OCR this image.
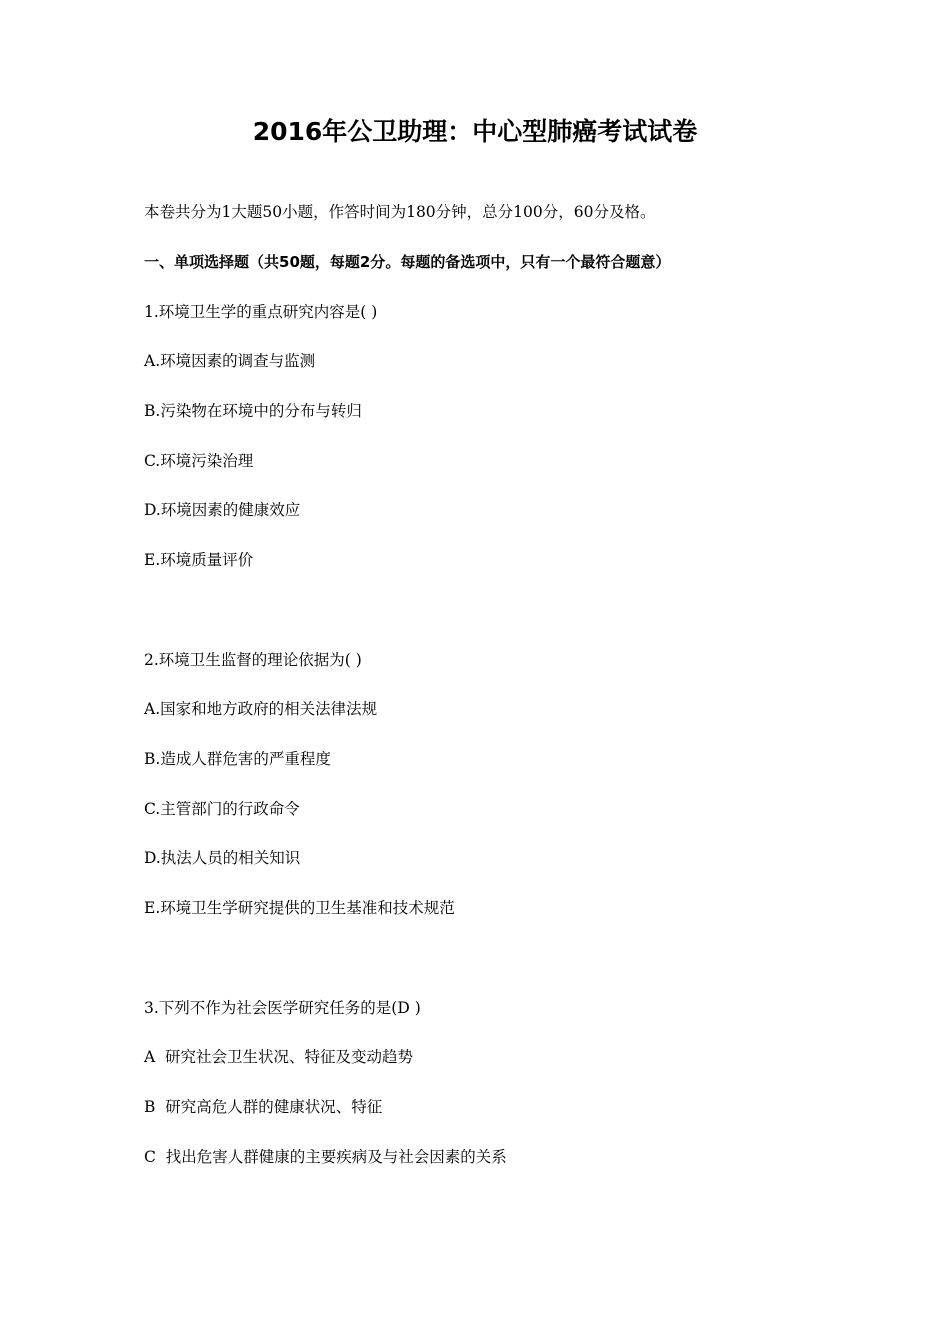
2016年公卫助理：中心型肺癌考试试卷
本卷共分为1大题50小题，作答时间为180分钟，总分100分，60分及格。
一、单项选择题（共50题，每题2分。每题的备选项中，只有一个最符合题意）
1.环境卫生学的重点研究内容是( )
A.环境因素的调查与监测
B.污染物在环境中的分布与转归
C.环境污染治理
D.环境因素的健康效应
E.环境质量评价
2.环境卫生监督的理论依据为( )
A.国家和地方政府的相关法律法规
B.造成人群危害的严重程度
C.主管部门的行政命令
D.执法人员的相关知识
E.环境卫生学研究提供的卫生基准和技术规范
3.下列不作为社会医学研究任务的是(D )
A  研究社会卫生状况、特征及变动趋势
B  研究高危人群的健康状况、特征
C  找出危害人群健康的主要疾病及与社会因素的关系
